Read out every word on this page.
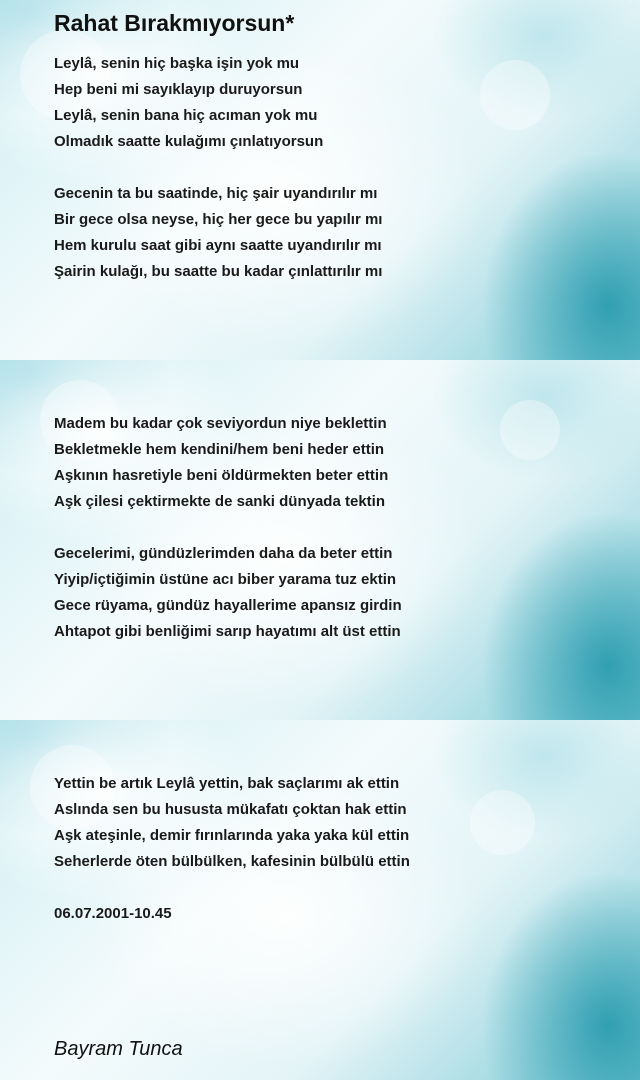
Rahat Bırakmıyorsun*
Leylâ, senin hiç başka işin yok mu
Hep beni mi sayıklayıp duruyorsun
Leylâ, senin bana hiç acıman yok mu
Olmadık saatte kulağımı çınlatıyorsun
Gecenin ta bu saatinde, hiç şair uyandırılır mı
Bir gece olsa neyse, hiç her gece bu yapılır mı
Hem kurulu saat gibi aynı saatte uyandırılır mı
Şairin kulağı, bu saatte bu kadar çınlattırılır mı
Madem bu kadar çok seviyordun niye beklettin
Bekletmekle hem kendini/hem beni heder ettin
Aşkının hasretiyle beni öldürmekten beter ettin
Aşk çilesi çektirmekte de sanki dünyada tektin
Gecelerimi, gündüzlerimden daha da beter ettin
Yiyip/içtiğimin üstüne acı biber yarama tuz ektin
Gece rüyama, gündüz hayallerime apansız girdin
Ahtapot gibi benliğimi sarıp hayatımı alt üst ettin
Yettin be artık Leylâ yettin, bak saçlarımı ak ettin
Aslında sen bu hususta mükafatı çoktan hak ettin
Aşk ateşinle, demir fırınlarında yaka yaka kül ettin
Seherlerde öten bülbülken, kafesinin bülbülü ettin
06.07.2001-10.45
Bayram Tunca
